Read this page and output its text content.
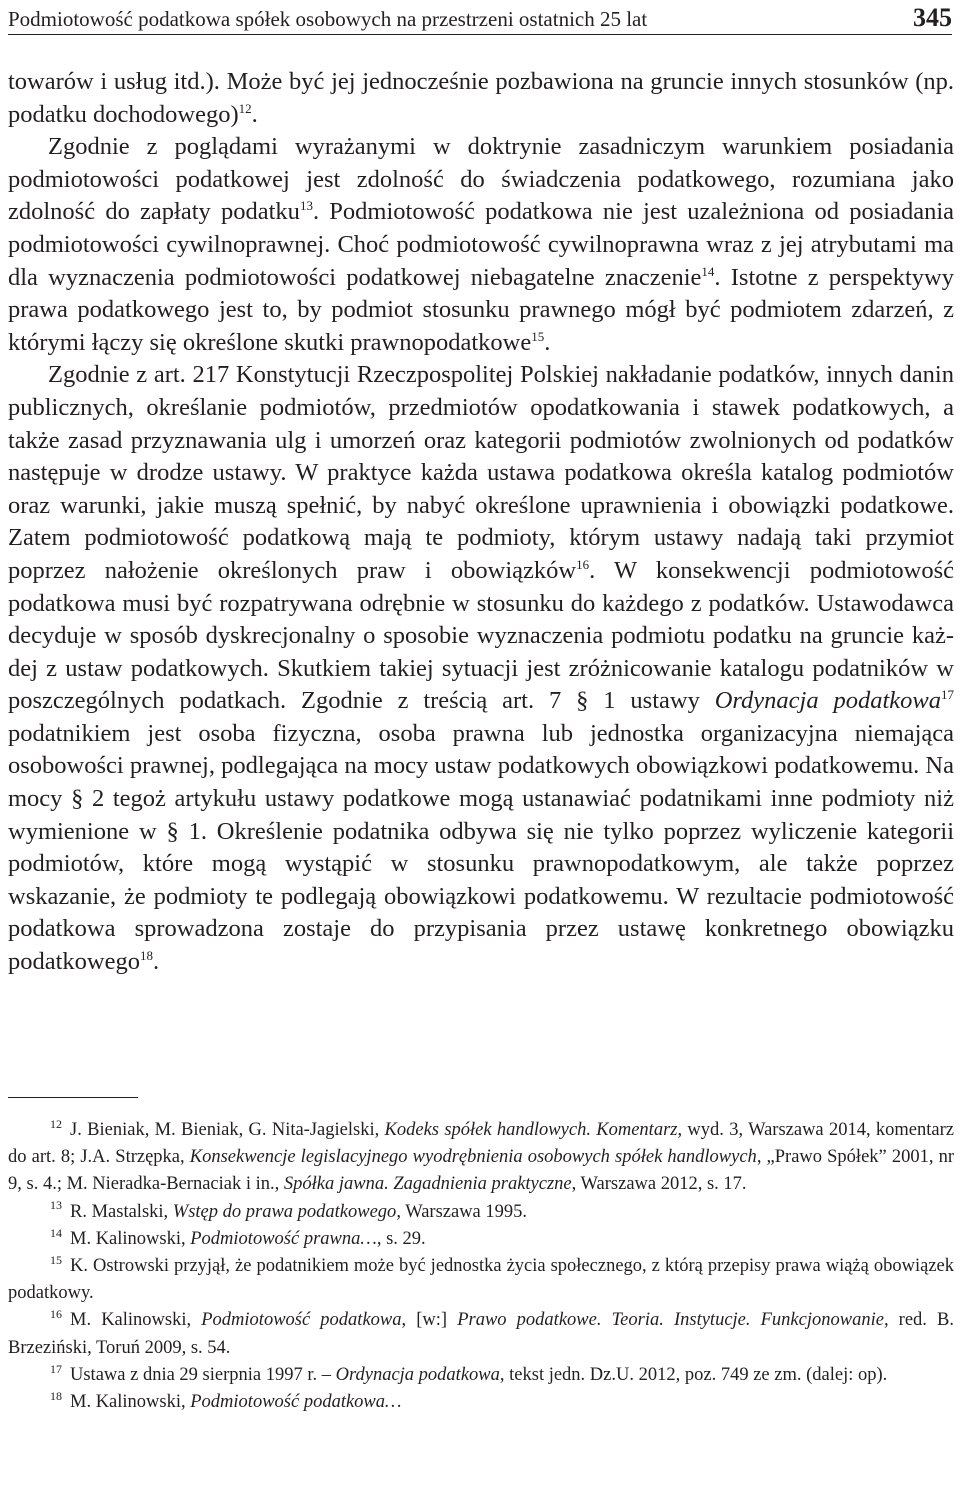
Podmiotowość podatkowa spółek osobowych na przestrzeni ostatnich 25 lat	345

towarów i usług itd.). Może być jej jednocześnie pozbawiona na gruncie innych stosunków (np. podatku dochodowego)$^{12}$.

Zgodnie z poglądami wyrażanymi w doktrynie zasadniczym warunkiem posiadania podmiotowości podatkowej jest zdolność do świadczenia podatkowego, rozumiana jako zdolność do zapłaty podatku$^{13}$. Podmiotowość podatkowa nie jest uzależniona od posiadania podmiotowości cywilnoprawnej. Choć podmiotowość cywilnoprawna wraz z jej atrybutami ma dla wyznaczenia podmiotowości podatkowej niebagatelne znaczenie$^{14}$. Istotne z perspektywy prawa podatkowego jest to, by podmiot stosunku prawnego mógł być podmiotem zdarzeń, z którymi łączy się określone skutki prawnopodatkowe$^{15}$.

Zgodnie z art. 217 Konstytucji Rzeczpospolitej Polskiej nakładanie podatków, innych danin publicznych, określanie podmiotów, przedmiotów opodatkowania i stawek podatkowych, a także zasad przyznawania ulg i umorzeń oraz kategorii podmiotów zwolnionych od podatków następuje w drodze ustawy. W praktyce każda ustawa podatkowa określa katalog podmiotów oraz warunki, jakie muszą spełnić, by nabyć określone uprawnienia i obowiązki podatkowe. Zatem podmiotowość podatkową mają te podmioty, którym ustawy nadają taki przymiot poprzez nałożenie określonych praw i obowiązków$^{16}$. W konsekwencji podmiotowość podatkowa musi być rozpatrywana odrębnie w stosunku do każdego z podatków. Ustawodawca decyduje w sposób dyskrecjonalny o sposobie wyznaczenia podmiotu podatku na gruncie każdej z ustaw podatkowych. Skutkiem takiej sytuacji jest zróżnicowanie katalogu podatników w poszczególnych podatkach. Zgodnie z treścią art. 7 § 1 ustawy Ordynacja podatkowa$^{17}$ podatnikiem jest osoba fizyczna, osoba prawna lub jednostka organizacyjna niemająca osobowości prawnej, podlegająca na mocy ustaw podatkowych obowiązkowi podatkowemu. Na mocy § 2 tegoż artykułu ustawy podatkowe mogą ustanawiać podatnikami inne podmioty niż wymienione w § 1. Określenie podatnika odbywa się nie tylko poprzez wyliczenie kategorii podmiotów, które mogą wystąpić w stosunku prawnopodatkowym, ale także poprzez wskazanie, że podmioty te podlegają obowiązkowi podatkowemu. W rezultacie podmiotowość podatkowa sprowadzona zostaje do przypisania przez ustawę konkretnego obowiązku podatkowego$^{18}$.

$^{12}$ J. Bieniak, M. Bieniak, G. Nita-Jagielski, Kodeks spółek handlowych. Komentarz, wyd. 3, Warszawa 2014, komentarz do art. 8; J.A. Strzępka, Konsekwencje legislacyjnego wyodrębnienia osobowych spółek handlowych, „Prawo Spółek” 2001, nr 9, s. 4.; M. Nieradka-Bernaciak i in., Spółka jawna. Zagadnienia praktyczne, Warszawa 2012, s. 17.

$^{13}$ R. Mastalski, Wstęp do prawa podatkowego, Warszawa 1995.

$^{14}$ M. Kalinowski, Podmiotowość prawna…, s. 29.

$^{15}$ K. Ostrowski przyjął, że podatnikiem może być jednostka życia społecznego, z którą przepisy prawa wiążą obowiązek podatkowy.

$^{16}$ M. Kalinowski, Podmiotowość podatkowa, [w:] Prawo podatkowe. Teoria. Instytucje. Funkcjonowanie, red. B. Brzeziński, Toruń 2009, s. 54.

$^{17}$ Ustawa z dnia 29 sierpnia 1997 r. – Ordynacja podatkowa, tekst jedn. Dz.U. 2012, poz. 749 ze zm. (dalej: op).

$^{18}$ M. Kalinowski, Podmiotowość podatkowa…
